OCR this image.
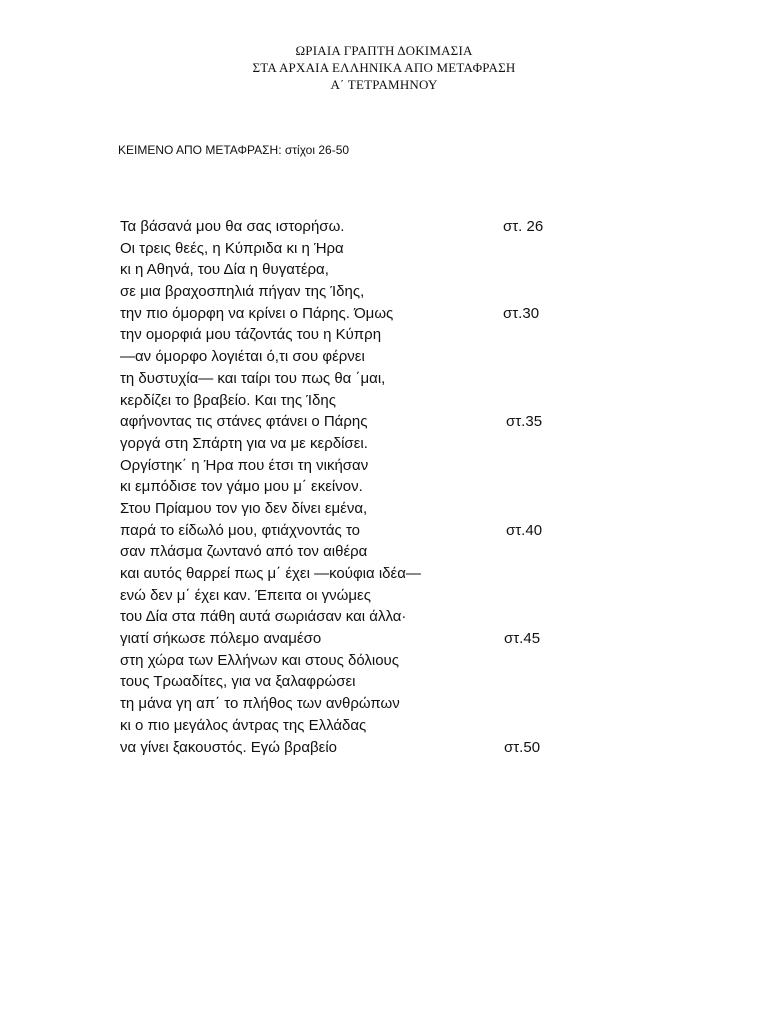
ΩΡΙΑΙΑ ΓΡΑΠΤΗ ΔΟΚΙΜΑΣΙΑ
ΣΤΑ ΑΡΧΑΙΑ ΕΛΛΗΝΙΚΑ ΑΠΟ ΜΕΤΑΦΡΑΣΗ
Α΄ ΤΕΤΡΑΜΗΝΟΥ
ΚΕΙΜΕΝΟ ΑΠΟ ΜΕΤΑΦΡΑΣΗ: στίχοι 26-50
Τα βάσανά μου θα σας ιστορήσω.	στ. 26
Οι τρεις θεές, η Κύπριδα κι η Ήρα
κι η Αθηνά, του Δία η θυγατέρα,
σε μια βραχοσπηλιά πήγαν της Ίδης,
την πιο όμορφη να κρίνει ο Πάρης. Όμως	στ.30
την ομορφιά μου τάζοντάς του η Κύπρη
—αν όμορφο λογιέται ό,τι σου φέρνει
τη δυστυχία— και ταίρι του πως θα ΄μαι,
κερδίζει το βραβείο. Και της Ίδης
αφήνοντας τις στάνες φτάνει ο Πάρης	στ.35
γοργά στη Σπάρτη για να με κερδίσει.
Οργίστηκ΄ η Ήρα που έτσι τη νικήσαν
κι εμπόδισε τον γάμο μου μ΄ εκείνον.
Στου Πρίαμου τον γιο δεν δίνει εμένα,
παρά το είδωλό μου, φτιάχνοντάς το	στ.40
σαν πλάσμα ζωντανό από τον αιθέρα
και αυτός θαρρεί πως μ΄ έχει —κούφια ιδέα—
ενώ δεν μ΄ έχει καν. Έπειτα οι γνώμες
του Δία στα πάθη αυτά σωριάσαν και άλλα·
γιατί σήκωσε πόλεμο αναμέσο	στ.45
στη χώρα των Ελλήνων και στους δόλιους
τους Τρωαδίτες, για να ξαλαφρώσει
τη μάνα γη απ΄ το πλήθος των ανθρώπων
κι ο πιο μεγάλος άντρας της Ελλάδας
να γίνει ξακουστός. Εγώ βραβείο	στ.50
